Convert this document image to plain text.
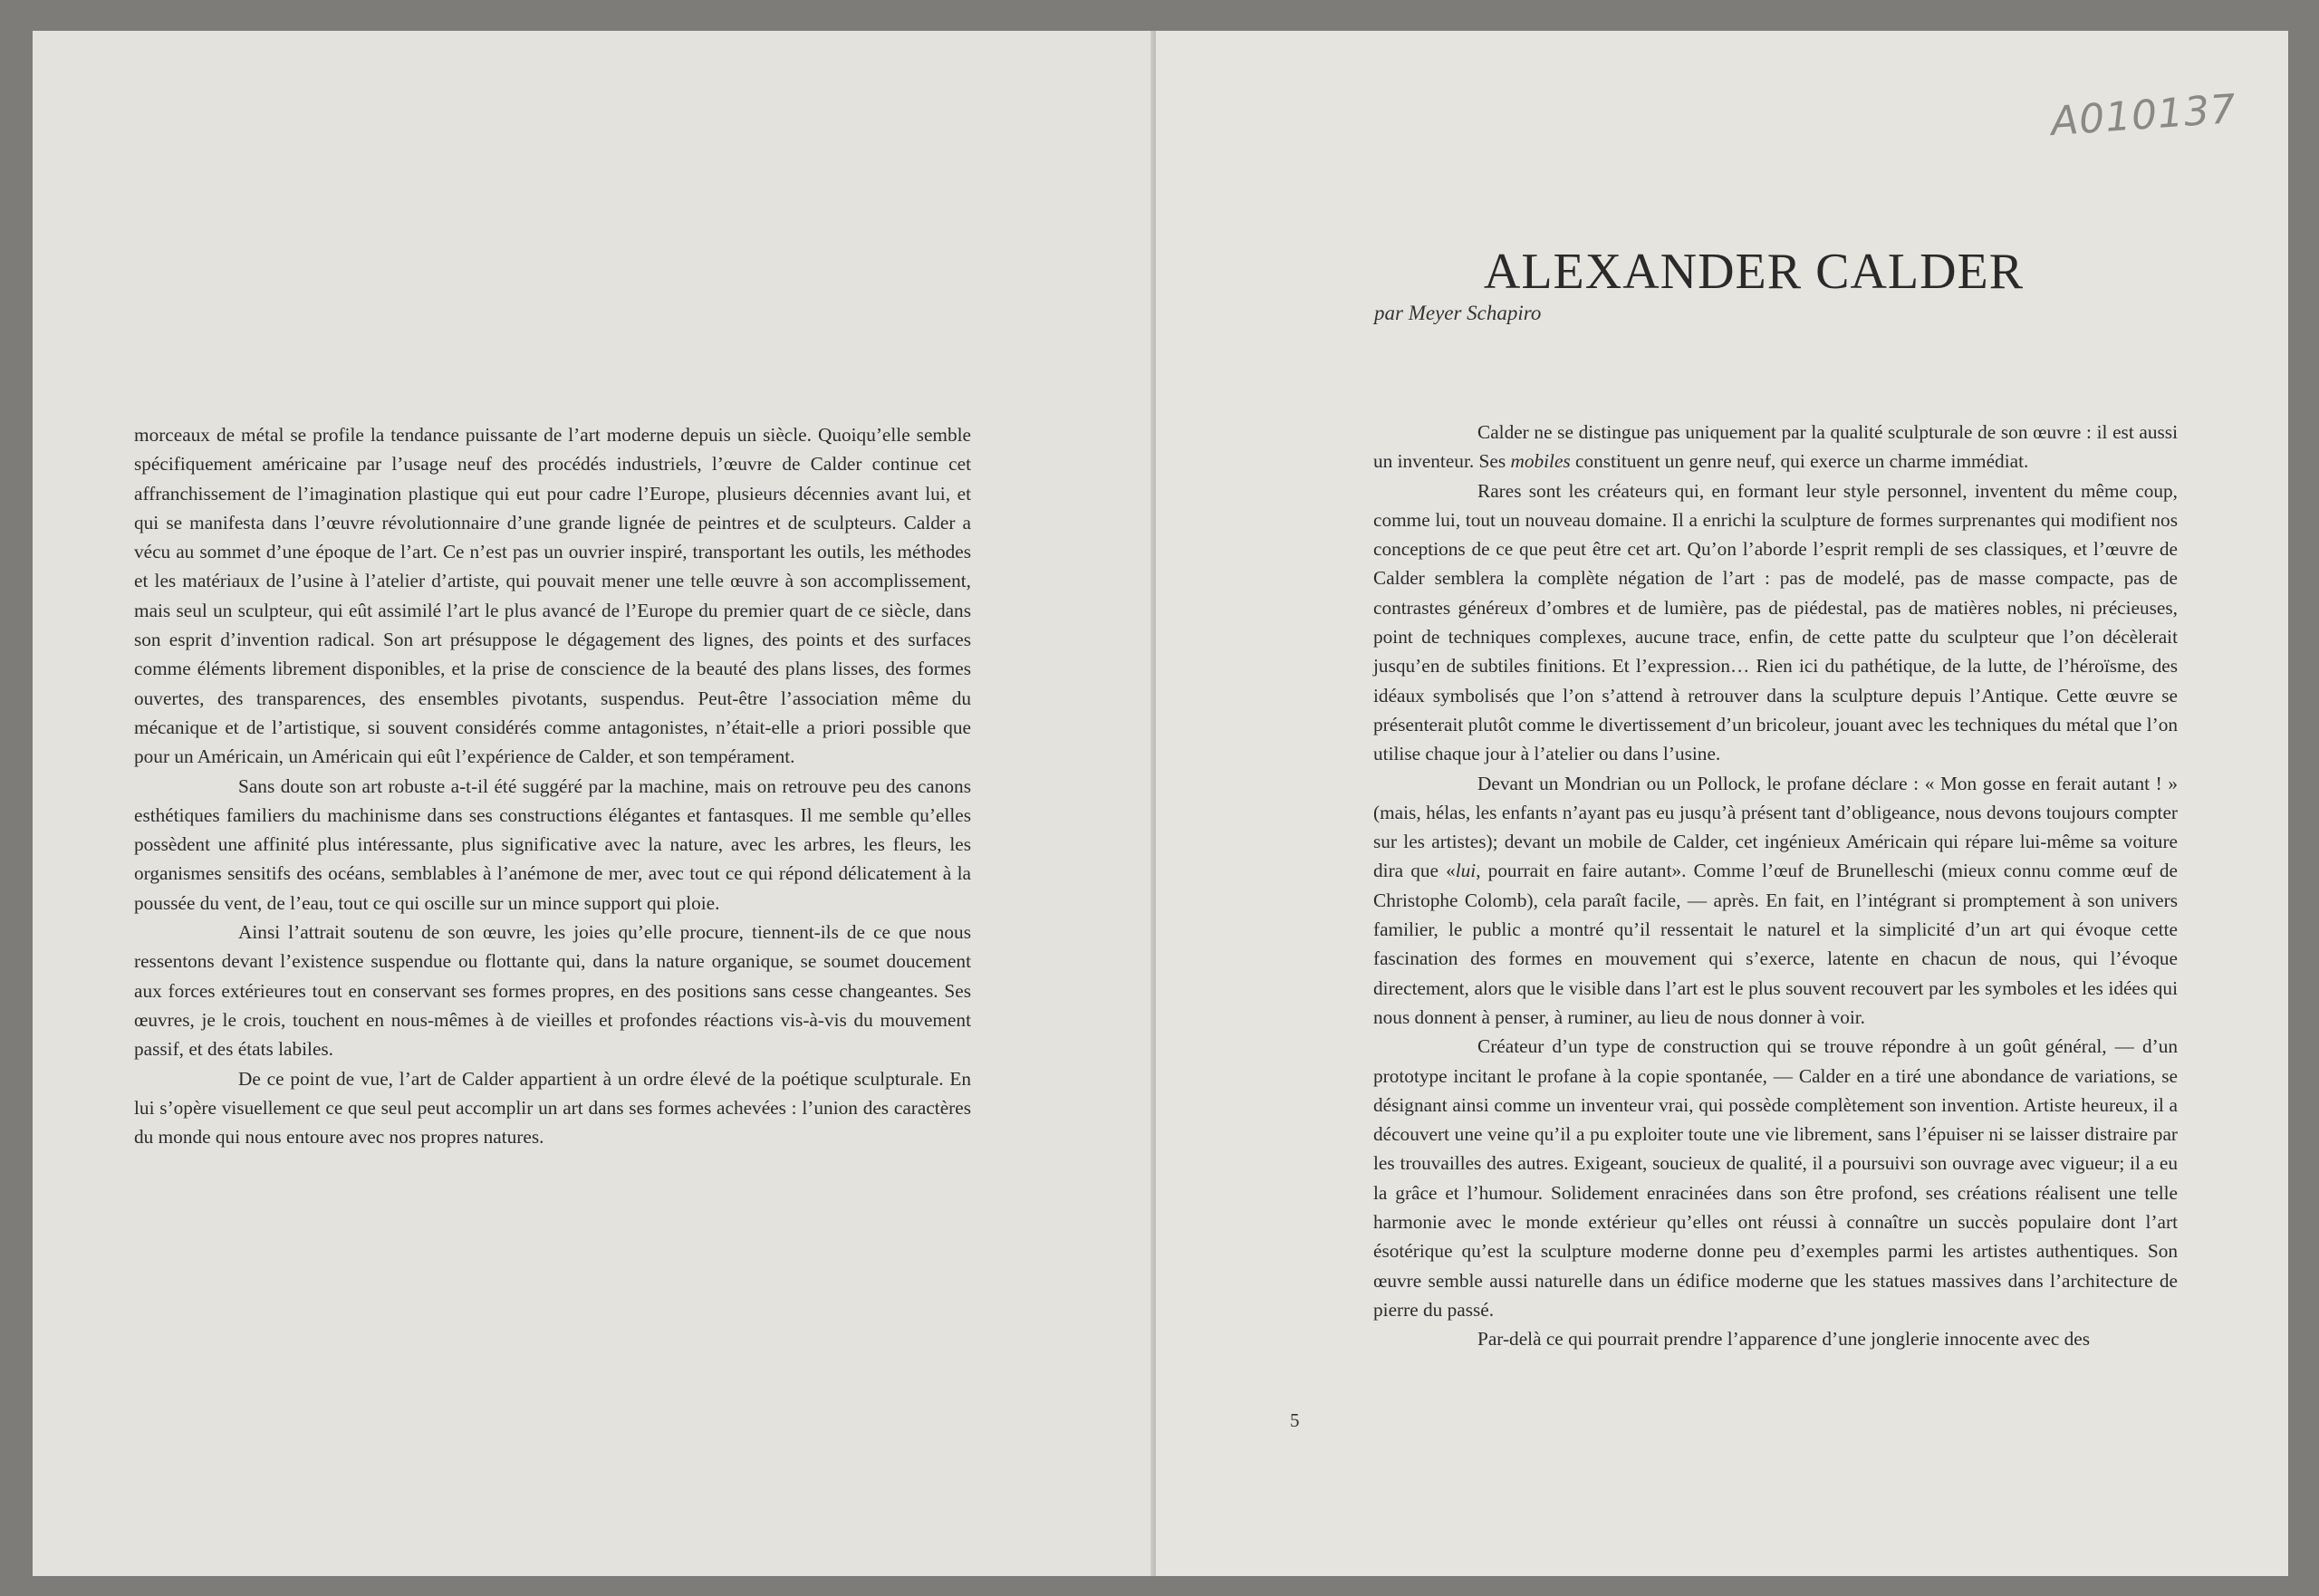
morceaux de métal se profile la tendance puissante de l’art moderne depuis un siècle. Quoiqu’elle semble spécifiquement américaine par l’usage neuf des procédés industriels, l’œuvre de Calder continue cet affranchissement de l’imagination plastique qui eut pour cadre l’Europe, plusieurs décennies avant lui, et qui se manifesta dans l’œuvre révolutionnaire d’une grande lignée de peintres et de sculpteurs. Calder a vécu au sommet d’une époque de l’art. Ce n’est pas un ouvrier inspiré, transportant les outils, les méthodes et les matériaux de l’usine à l’atelier d’artiste, qui pouvait mener une telle œuvre à son accomplissement, mais seul un sculpteur, qui eût assimilé l’art le plus avancé de l’Europe du premier quart de ce siècle, dans son esprit d’invention radical. Son art présuppose le dégagement des lignes, des points et des surfaces comme éléments librement disponibles, et la prise de conscience de la beauté des plans lisses, des formes ouvertes, des transparences, des ensembles pivotants, suspendus. Peut-être l’association même du mécanique et de l’artistique, si souvent considérés comme antagonistes, n’était-elle a priori possible que pour un Américain, un Américain qui eût l’expérience de Calder, et son tempérament.

Sans doute son art robuste a-t-il été suggéré par la machine, mais on retrouve peu des canons esthétiques familiers du machinisme dans ses constructions élégantes et fantasques. Il me semble qu’elles possèdent une affinité plus intéressante, plus significative avec la nature, avec les arbres, les fleurs, les organismes sensitifs des océans, semblables à l’anémone de mer, avec tout ce qui répond délicatement à la poussée du vent, de l’eau, tout ce qui oscille sur un mince support qui ploie.

Ainsi l’attrait soutenu de son œuvre, les joies qu’elle procure, tiennent-ils de ce que nous ressentons devant l’existence suspendue ou flottante qui, dans la nature organique, se soumet doucement aux forces extérieures tout en conservant ses formes propres, en des positions sans cesse changeantes. Ses œuvres, je le crois, touchent en nous-mêmes à de vieilles et profondes réactions vis-à-vis du mouvement passif, et des états labiles.

De ce point de vue, l’art de Calder appartient à un ordre élevé de la poétique sculpturale. En lui s’opère visuellement ce que seul peut accomplir un art dans ses formes achevées : l’union des caractères du monde qui nous entoure avec nos propres natures.

A010137
ALEXANDER CALDER
par Meyer Schapiro

Calder ne se distingue pas uniquement par la qualité sculpturale de son œuvre : il est aussi un inventeur. Ses mobiles constituent un genre neuf, qui exerce un charme immédiat.

Rares sont les créateurs qui, en formant leur style personnel, inventent du même coup, comme lui, tout un nouveau domaine. Il a enrichi la sculpture de formes surprenantes qui modifient nos conceptions de ce que peut être cet art. Qu’on l’aborde l’esprit rempli de ses classiques, et l’œuvre de Calder semblera la complète négation de l’art : pas de modelé, pas de masse compacte, pas de contrastes généreux d’ombres et de lumière, pas de piédestal, pas de matières nobles, ni précieuses, point de techniques complexes, aucune trace, enfin, de cette patte du sculpteur que l’on décèlerait jusqu’en de subtiles finitions. Et l’expression… Rien ici du pathétique, de la lutte, de l’héroïsme, des idéaux symbolisés que l’on s’attend à retrouver dans la sculpture depuis l’Antique. Cette œuvre se présenterait plutôt comme le divertissement d’un bricoleur, jouant avec les techniques du métal que l’on utilise chaque jour à l’atelier ou dans l’usine.

Devant un Mondrian ou un Pollock, le profane déclare : « Mon gosse en ferait autant ! » (mais, hélas, les enfants n’ayant pas eu jusqu’à présent tant d’obligeance, nous devons toujours compter sur les artistes); devant un mobile de Calder, cet ingénieux Américain qui répare lui-même sa voiture dira que «lui, pourrait en faire autant». Comme l’œuf de Brunelleschi (mieux connu comme œuf de Christophe Colomb), cela paraît facile, — après. En fait, en l’intégrant si promptement à son univers familier, le public a montré qu’il ressentait le naturel et la simplicité d’un art qui évoque cette fascination des formes en mouvement qui s’exerce, latente en chacun de nous, qui l’évoque directement, alors que le visible dans l’art est le plus souvent recouvert par les symboles et les idées qui nous donnent à penser, à ruminer, au lieu de nous donner à voir.

Créateur d’un type de construction qui se trouve répondre à un goût général, — d’un prototype incitant le profane à la copie spontanée, — Calder en a tiré une abondance de variations, se désignant ainsi comme un inventeur vrai, qui possède complètement son invention. Artiste heureux, il a découvert une veine qu’il a pu exploiter toute une vie librement, sans l’épuiser ni se laisser distraire par les trouvailles des autres. Exigeant, soucieux de qualité, il a poursuivi son ouvrage avec vigueur; il a eu la grâce et l’humour. Solidement enracinées dans son être profond, ses créations réalisent une telle harmonie avec le monde extérieur qu’elles ont réussi à connaître un succès populaire dont l’art ésotérique qu’est la sculpture moderne donne peu d’exemples parmi les artistes authentiques. Son œuvre semble aussi naturelle dans un édifice moderne que les statues massives dans l’architecture de pierre du passé.

Par-delà ce qui pourrait prendre l’apparence d’une jonglerie innocente avec des

5
